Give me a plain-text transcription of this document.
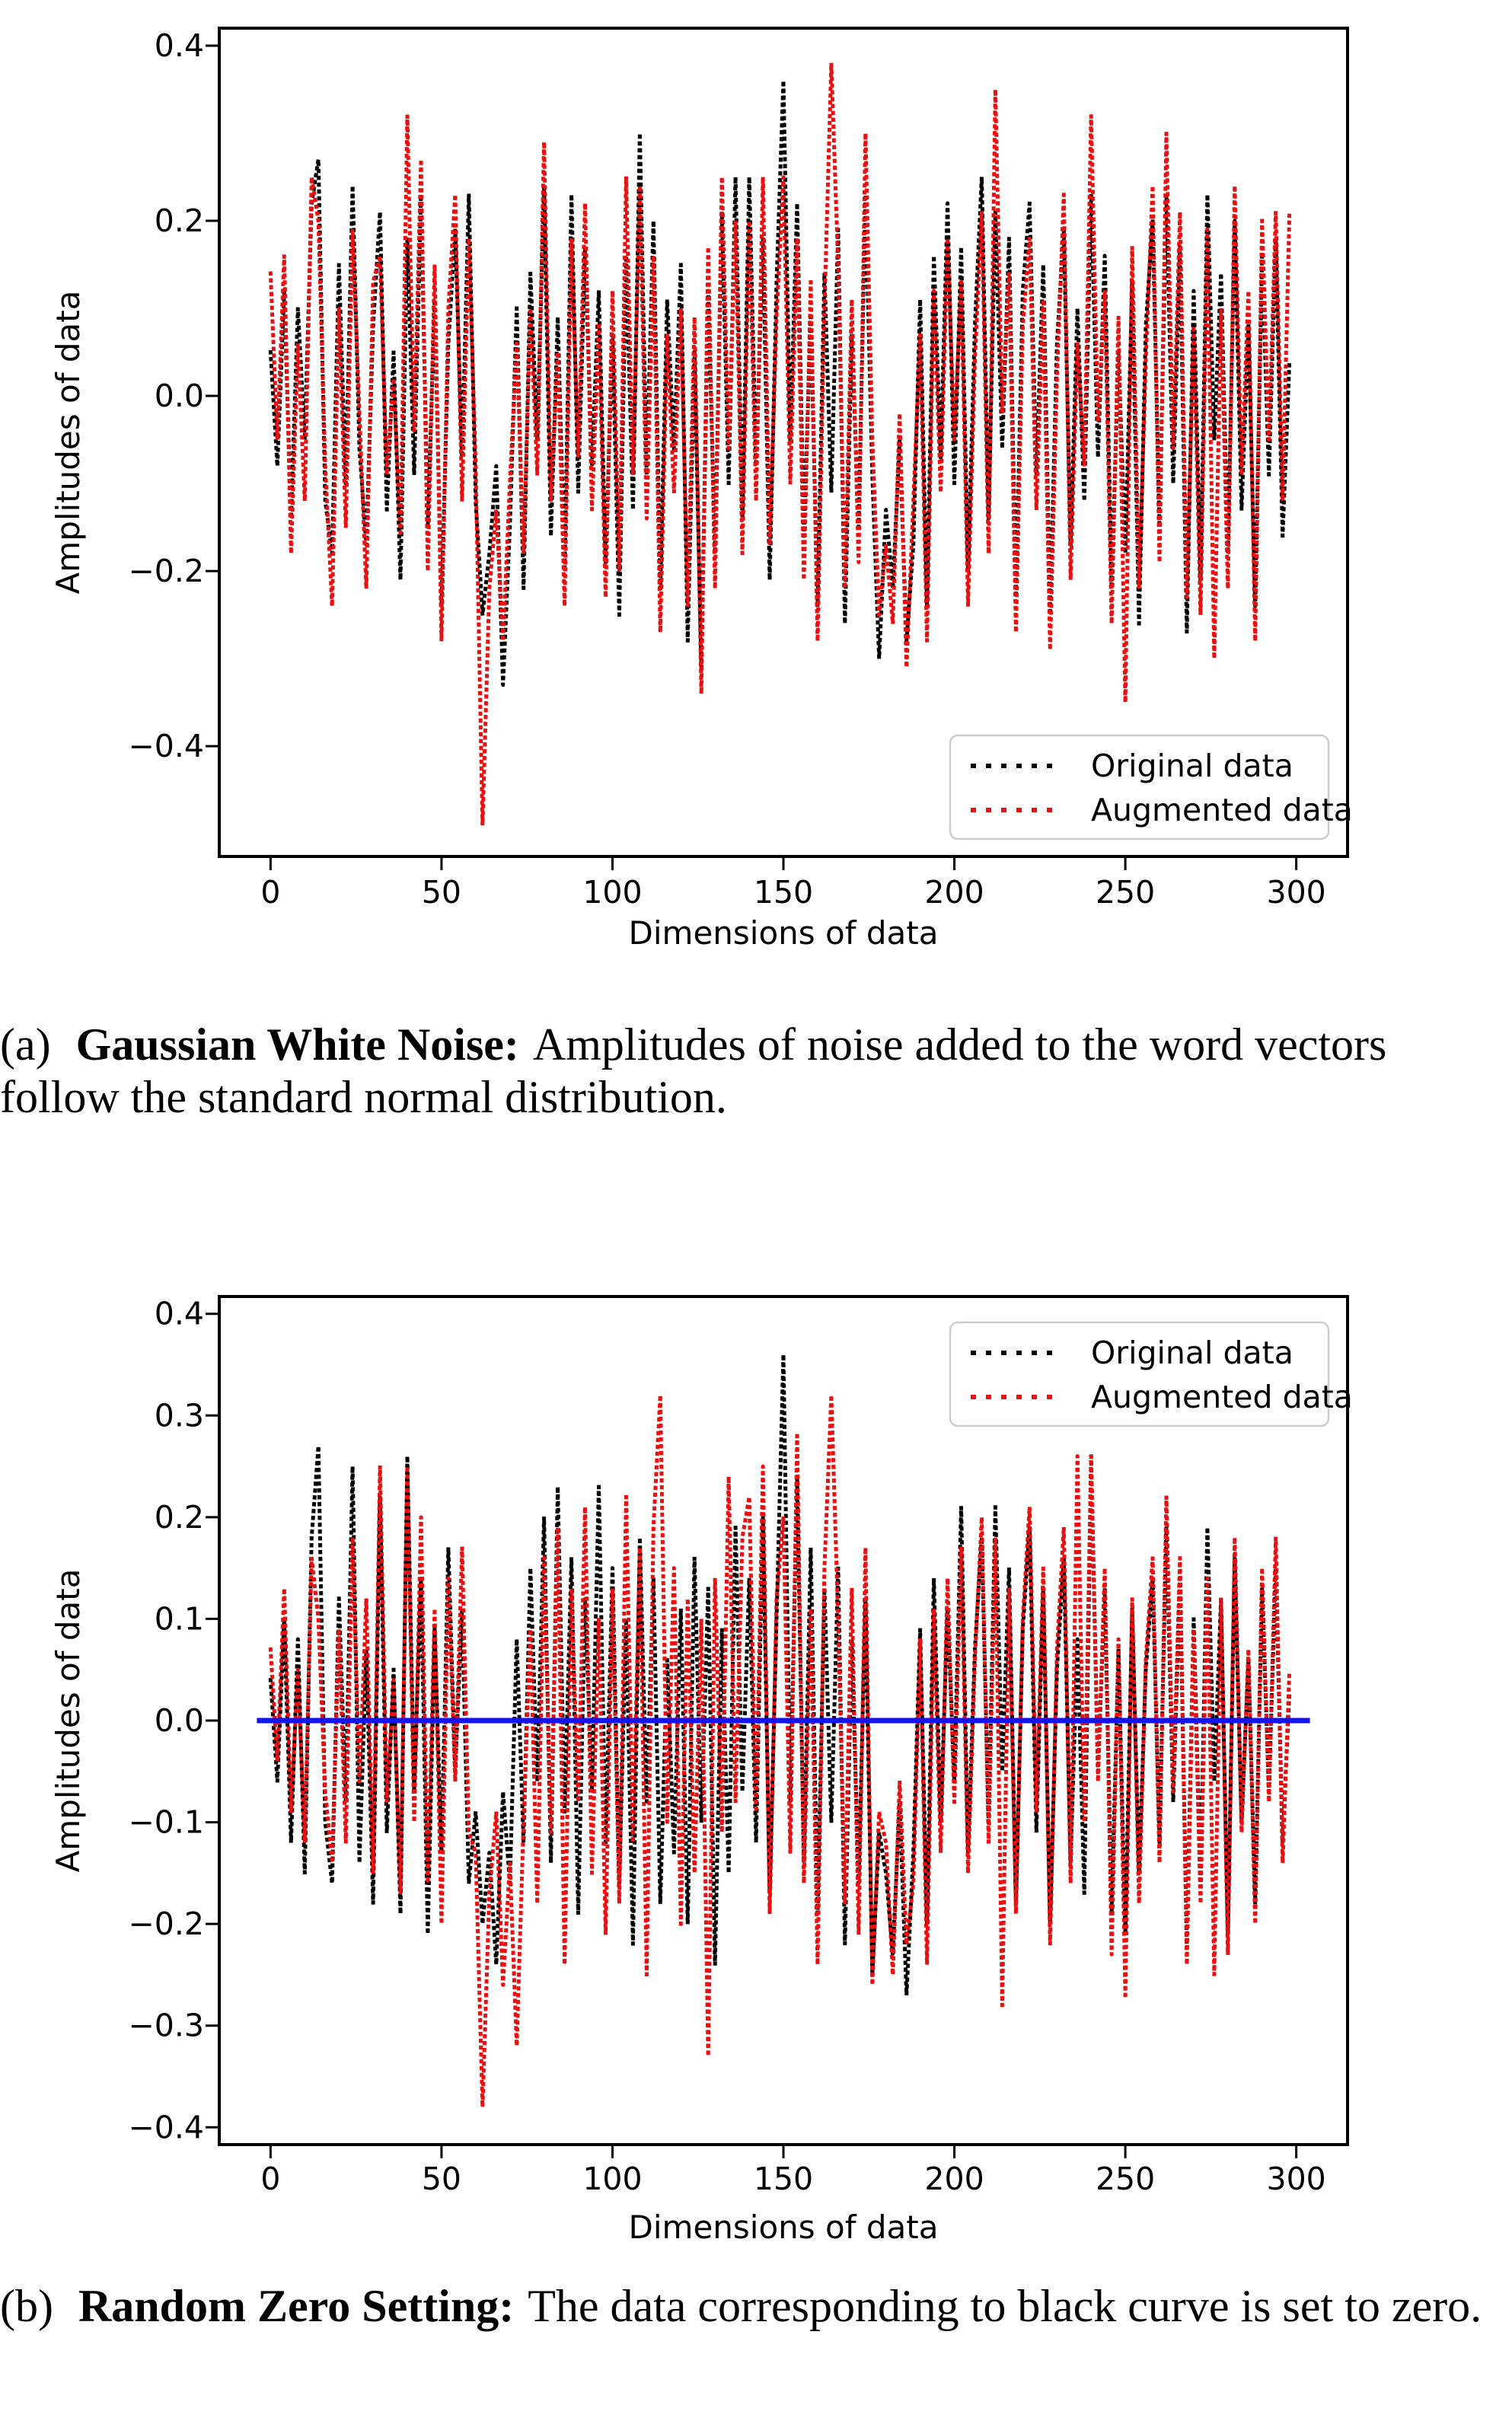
0	50	100	150	200	250	300
0.4
0.2
0.0
−0.2
−0.4
Dimensions of data
Amplitudes of data
Original data
Augmented data
0	50	100	150	200	250	300
0.4
0.3
0.2
0.1
0.0
−0.1
−0.2
−0.3
−0.4
Dimensions of data
Amplitudes of data
Original data
Augmented data
(a) Gaussian White Noise: Amplitudes of noise added to the word vectors follow the standard normal distribution.
(b) Random Zero Setting: The data corresponding to black curve is set to zero.
